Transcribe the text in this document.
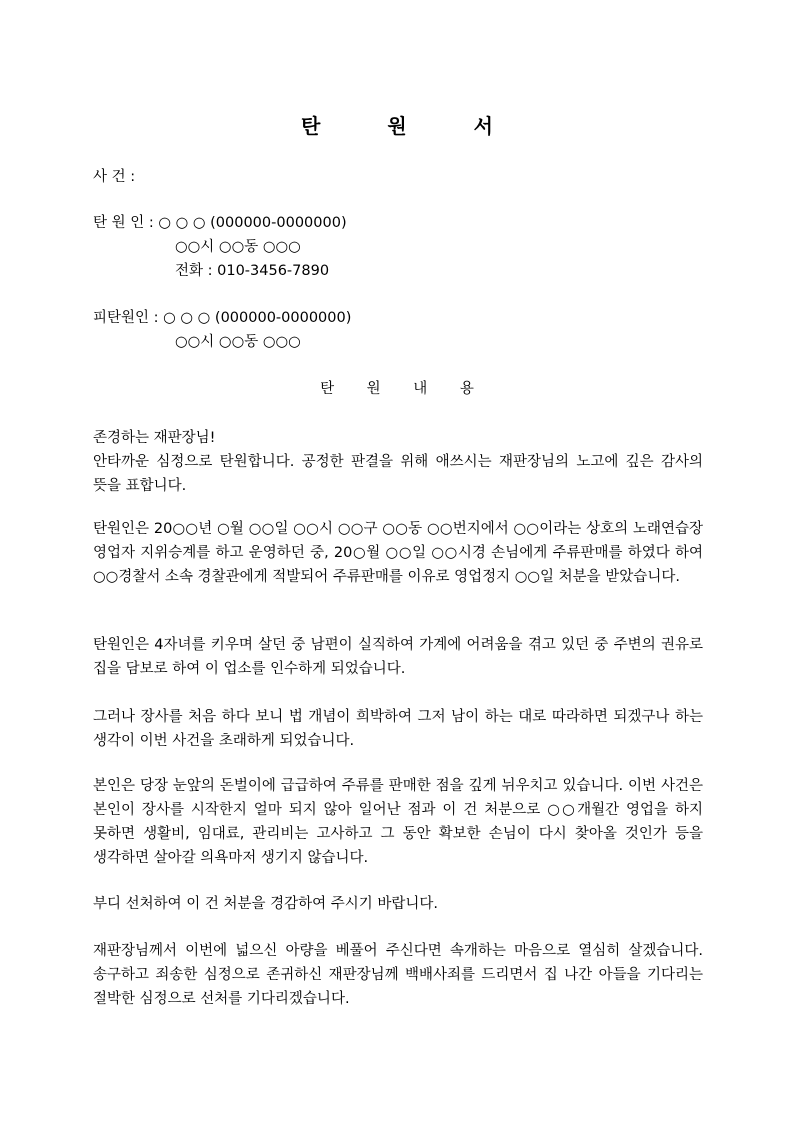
탄 원 서
사 건 :
탄 원 인 : ○ ○ ○ (000000-0000000)
○○시 ○○동 ○○○
전화 : 010-3456-7890
피탄원인 : ○ ○ ○ (000000-0000000)
○○시 ○○동 ○○○
탄 원 내 용

존경하는 재판장님!

안타까운 심정으로 탄원합니다. 공정한 판결을 위해 애쓰시는 재판장님의 노고에 깊은 감사의 뜻을 표합니다.

탄원인은 20○○년 ○월 ○○일 ○○시 ○○구 ○○동 ○○번지에서 ○○이라는 상호의 노래연습장 영업자 지위승계를 하고 운영하던 중, 20○월 ○○일 ○○시경 손님에게 주류판매를 하였다 하여 ○○경찰서 소속 경찰관에게 적발되어 주류판매를 이유로 영업정지 ○○일 처분을 받았습니다.

탄원인은 4자녀를 키우며 살던 중 남편이 실직하여 가계에 어려움을 겪고 있던 중 주변의 권유로 집을 담보로 하여 이 업소를 인수하게 되었습니다.

그러나 장사를 처음 하다 보니 법 개념이 희박하여 그저 남이 하는 대로 따라하면 되겠구나 하는 생각이 이번 사건을 초래하게 되었습니다.

본인은 당장 눈앞의 돈벌이에 급급하여 주류를 판매한 점을 깊게 뉘우치고 있습니다. 이번 사건은 본인이 장사를 시작한지 얼마 되지 않아 일어난 점과 이 건 처분으로 ○○개월간 영업을 하지 못하면 생활비, 임대료, 관리비는 고사하고 그 동안 확보한 손님이 다시 찾아올 것인가 등을 생각하면 살아갈 의욕마저 생기지 않습니다.

부디 선처하여 이 건 처분을 경감하여 주시기 바랍니다.

재판장님께서 이번에 넓으신 아량을 베풀어 주신다면 속개하는 마음으로 열심히 살겠습니다. 송구하고 죄송한 심정으로 존귀하신 재판장님께 백배사죄를 드리면서 집 나간 아들을 기다리는 절박한 심정으로 선처를 기다리겠습니다.
